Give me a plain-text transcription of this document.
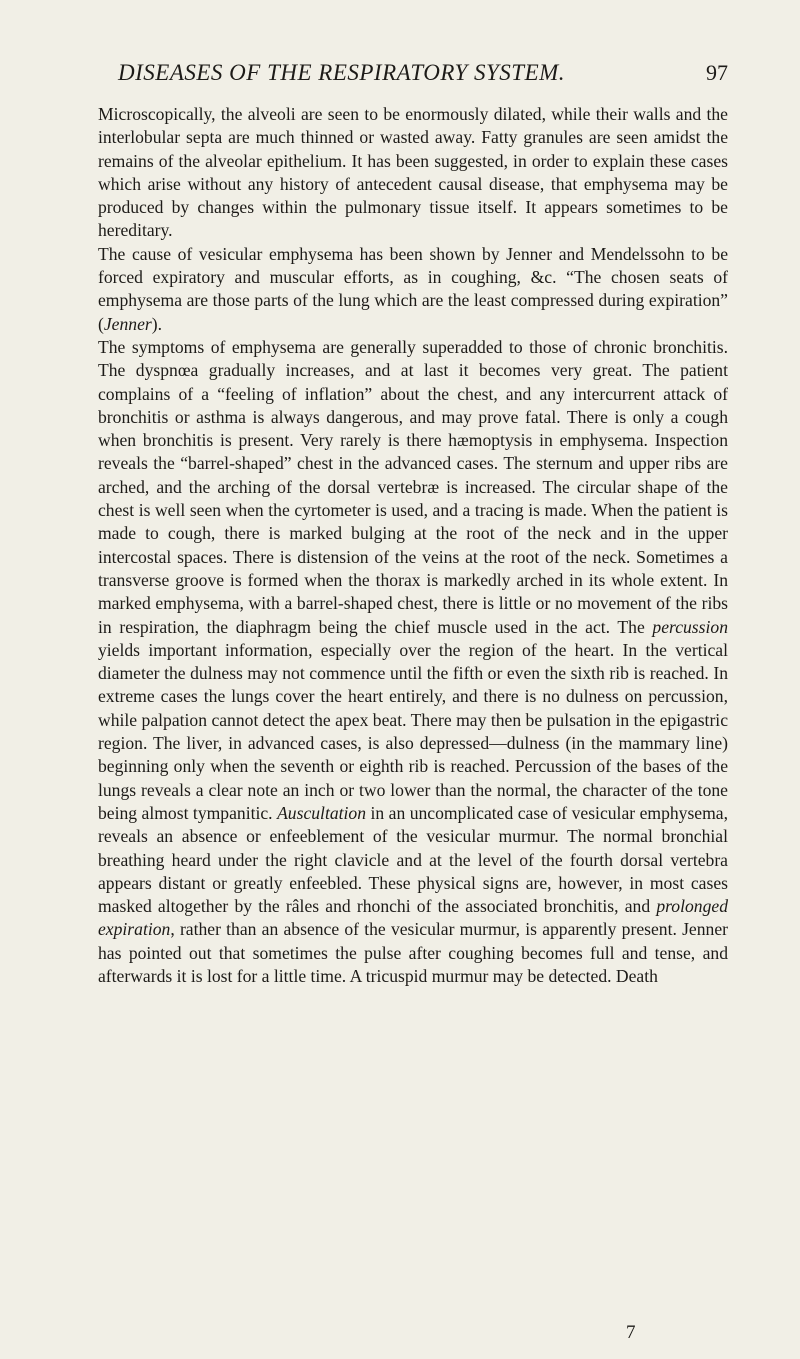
DISEASES OF THE RESPIRATORY SYSTEM.	97

Microscopically, the alveoli are seen to be enormously dilated, while their walls and the interlobular septa are much thinned or wasted away. Fatty granules are seen amidst the remains of the alveolar epithelium. It has been suggested, in order to explain these cases which arise without any history of antecedent causal disease, that emphysema may be produced by changes within the pulmonary tissue itself. It appears sometimes to be hereditary.

The cause of vesicular emphysema has been shown by Jenner and Mendelssohn to be forced expiratory and muscular efforts, as in coughing, &c. “The chosen seats of emphysema are those parts of the lung which are the least compressed during expiration” (Jenner).

The symptoms of emphysema are generally superadded to those of chronic bronchitis. The dyspnœa gradually increases, and at last it becomes very great. The patient complains of a “feeling of inflation” about the chest, and any intercurrent attack of bronchitis or asthma is always dangerous, and may prove fatal. There is only a cough when bronchitis is present. Very rarely is there hæmoptysis in emphysema. Inspection reveals the “barrel-shaped” chest in the advanced cases. The sternum and upper ribs are arched, and the arching of the dorsal vertebræ is increased. The circular shape of the chest is well seen when the cyrtometer is used, and a tracing is made. When the patient is made to cough, there is marked bulging at the root of the neck and in the upper intercostal spaces. There is distension of the veins at the root of the neck. Sometimes a transverse groove is formed when the thorax is markedly arched in its whole extent. In marked emphysema, with a barrel-shaped chest, there is little or no movement of the ribs in respiration, the diaphragm being the chief muscle used in the act. The percussion yields important information, especially over the region of the heart. In the vertical diameter the dulness may not commence until the fifth or even the sixth rib is reached. In extreme cases the lungs cover the heart entirely, and there is no dulness on percussion, while palpation cannot detect the apex beat. There may then be pulsation in the epigastric region. The liver, in advanced cases, is also depressed—dulness (in the mammary line) beginning only when the seventh or eighth rib is reached. Percussion of the bases of the lungs reveals a clear note an inch or two lower than the normal, the character of the tone being almost tympanitic. Auscultation in an uncomplicated case of vesicular emphysema, reveals an absence or enfeeblement of the vesicular murmur. The normal bronchial breathing heard under the right clavicle and at the level of the fourth dorsal vertebra appears distant or greatly enfeebled. These physical signs are, however, in most cases masked altogether by the râles and rhonchi of the associated bronchitis, and prolonged expiration, rather than an absence of the vesicular murmur, is apparently present. Jenner has pointed out that sometimes the pulse after coughing becomes full and tense, and afterwards it is lost for a little time. A tricuspid murmur may be detected. Death

7
